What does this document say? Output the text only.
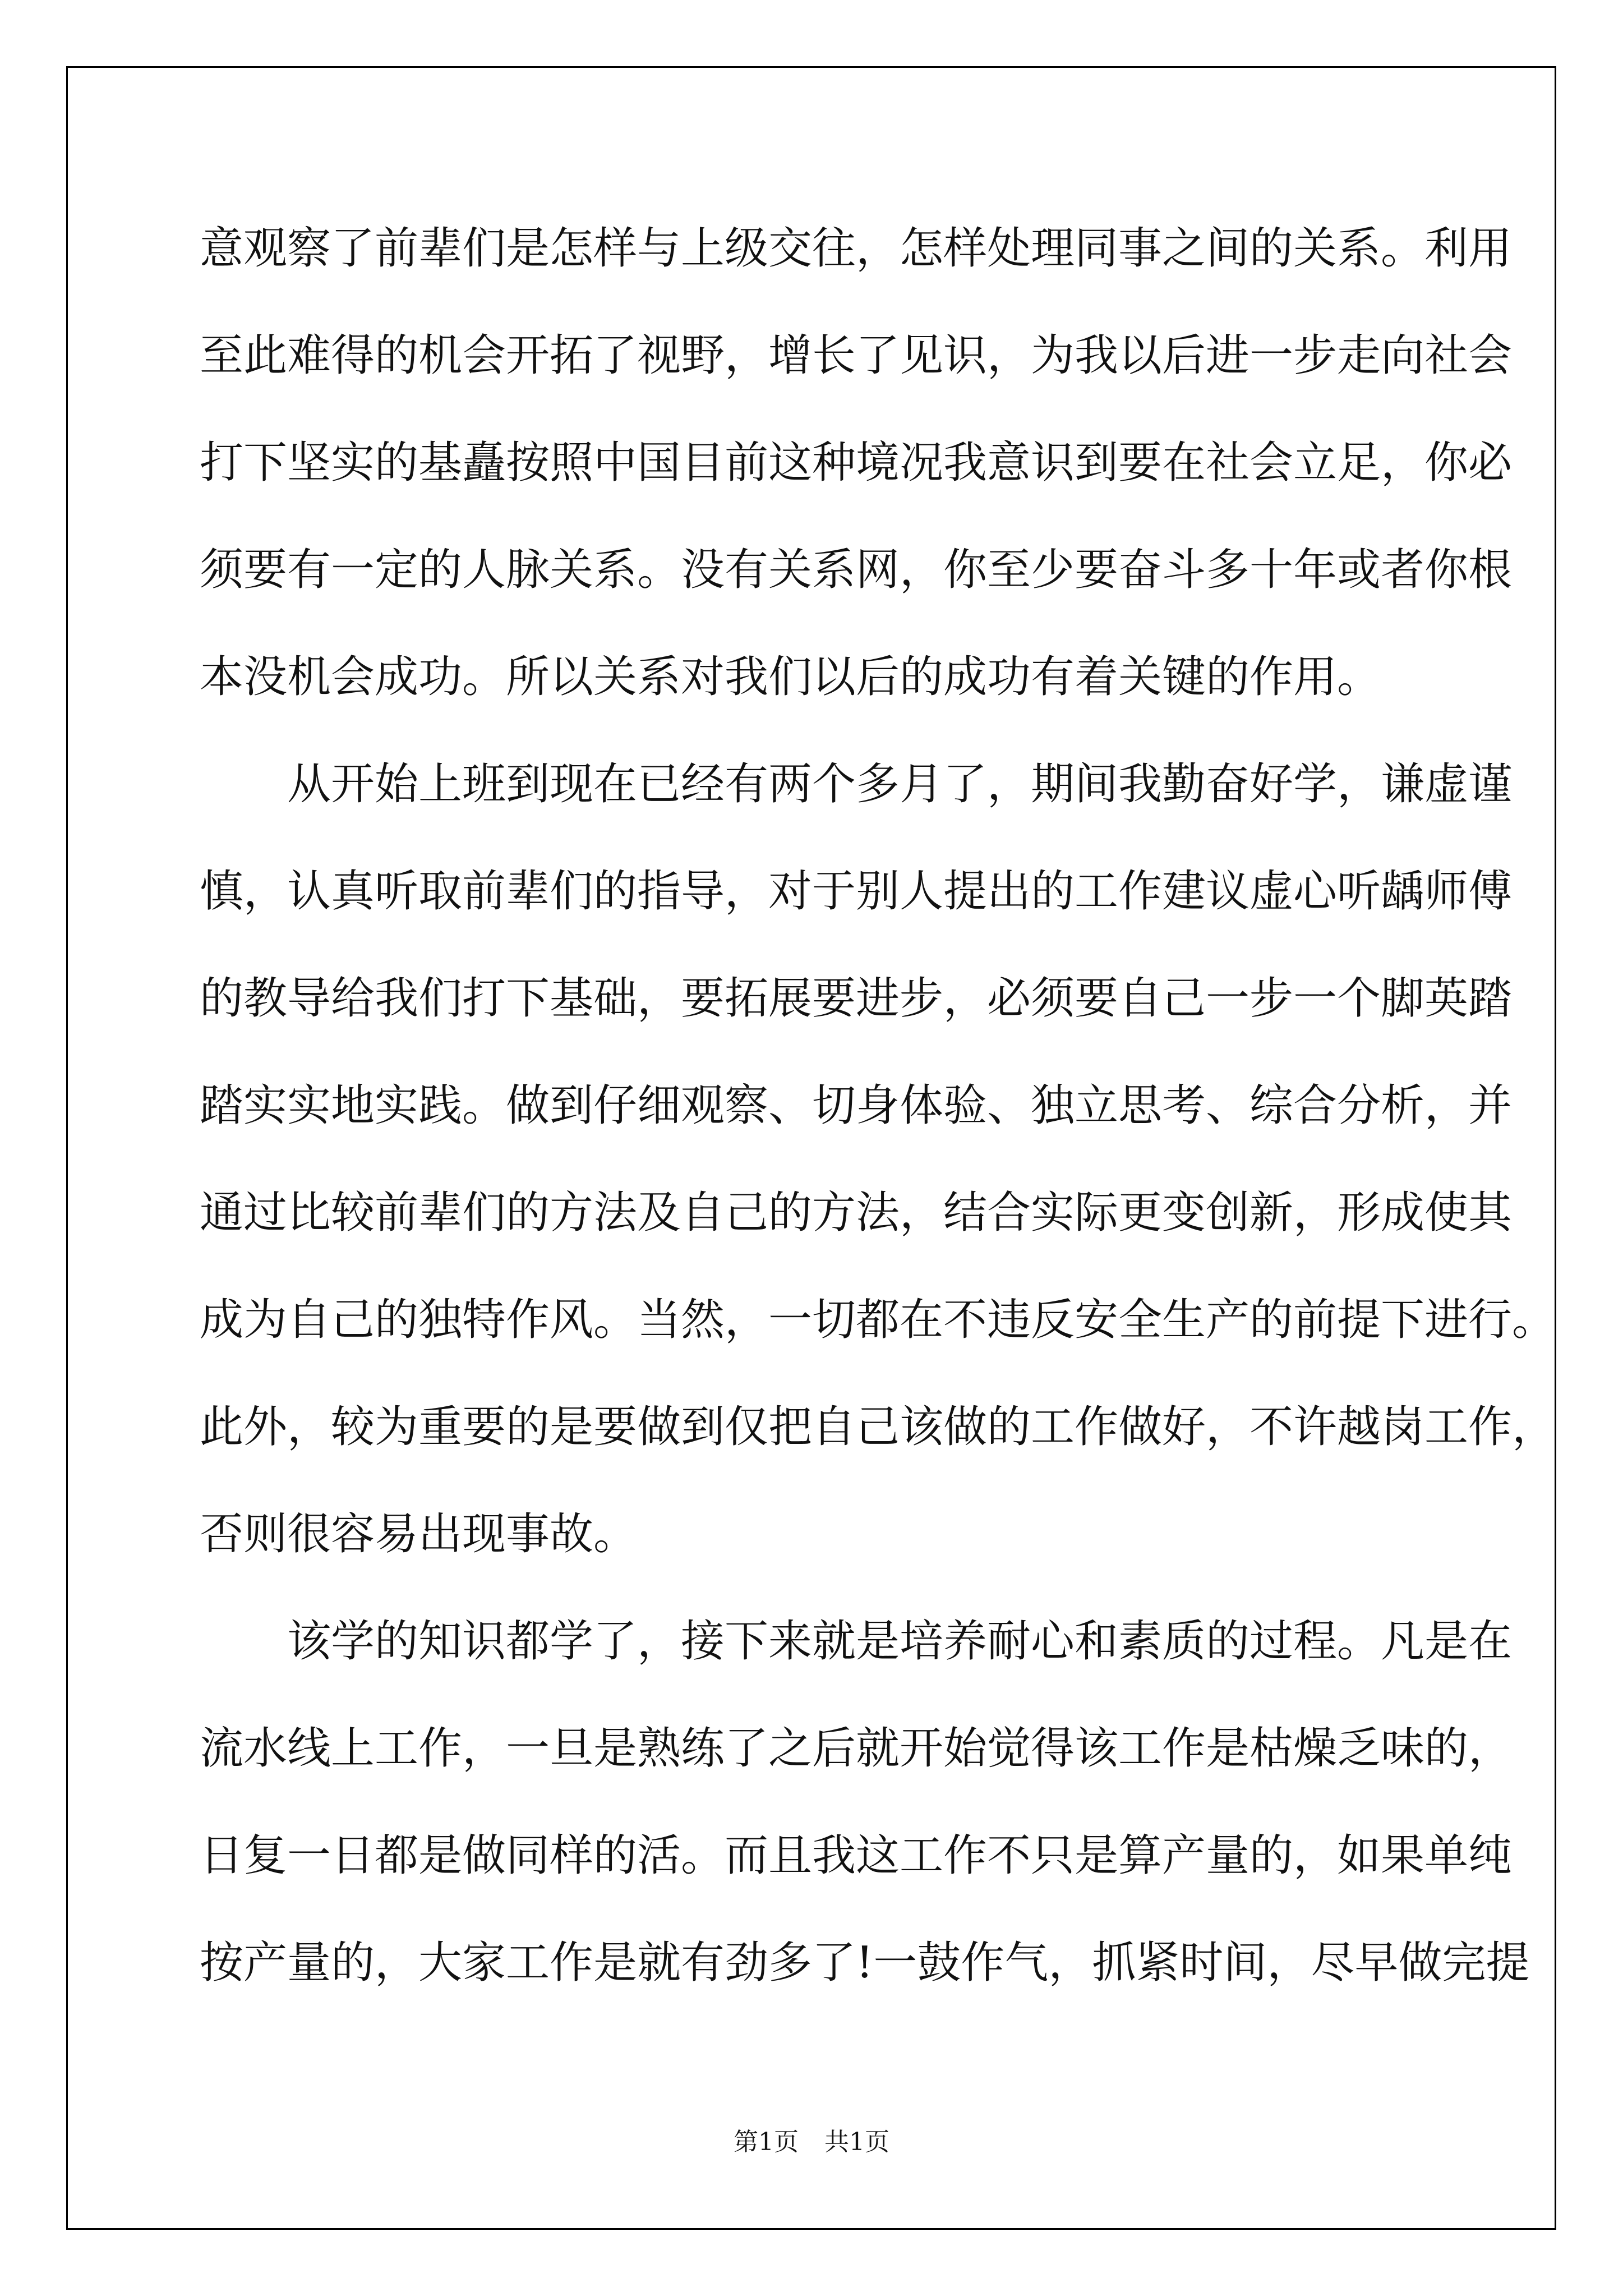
意观察了前辈们是怎样与上级交往，怎样处理同事之间的关系。利用
至此难得的机会开拓了视野，增长了见识，为我以后进一步走向社会
打下坚实的基矗按照中国目前这种境况我意识到要在社会立足，你必
须要有一定的人脉关系。没有关系网，你至少要奋斗多十年或者你根
本没机会成功。所以关系对我们以后的成功有着关键的作用。
从开始上班到现在已经有两个多月了，期间我勤奋好学，谦虚谨
慎，认真听取前辈们的指导，对于别人提出的工作建议虚心听龋师傅
的教导给我们打下基础，要拓展要进步，必须要自己一步一个脚英踏
踏实实地实践。做到仔细观察、切身体验、独立思考、综合分析，并
通过比较前辈们的方法及自己的方法，结合实际更变创新，形成使其
成为自己的独特作风。当然，一切都在不违反安全生产的前提下进行。
此外，较为重要的是要做到仅把自己该做的工作做好，不许越岗工作，
否则很容易出现事故。
该学的知识都学了，接下来就是培养耐心和素质的过程。凡是在
流水线上工作，一旦是熟练了之后就开始觉得该工作是枯燥乏味的，
日复一日都是做同样的活。而且我这工作不只是算产量的，如果单纯
按产量的，大家工作是就有劲多了!一鼓作气，抓紧时间，尽早做完提
第1页 共1页
